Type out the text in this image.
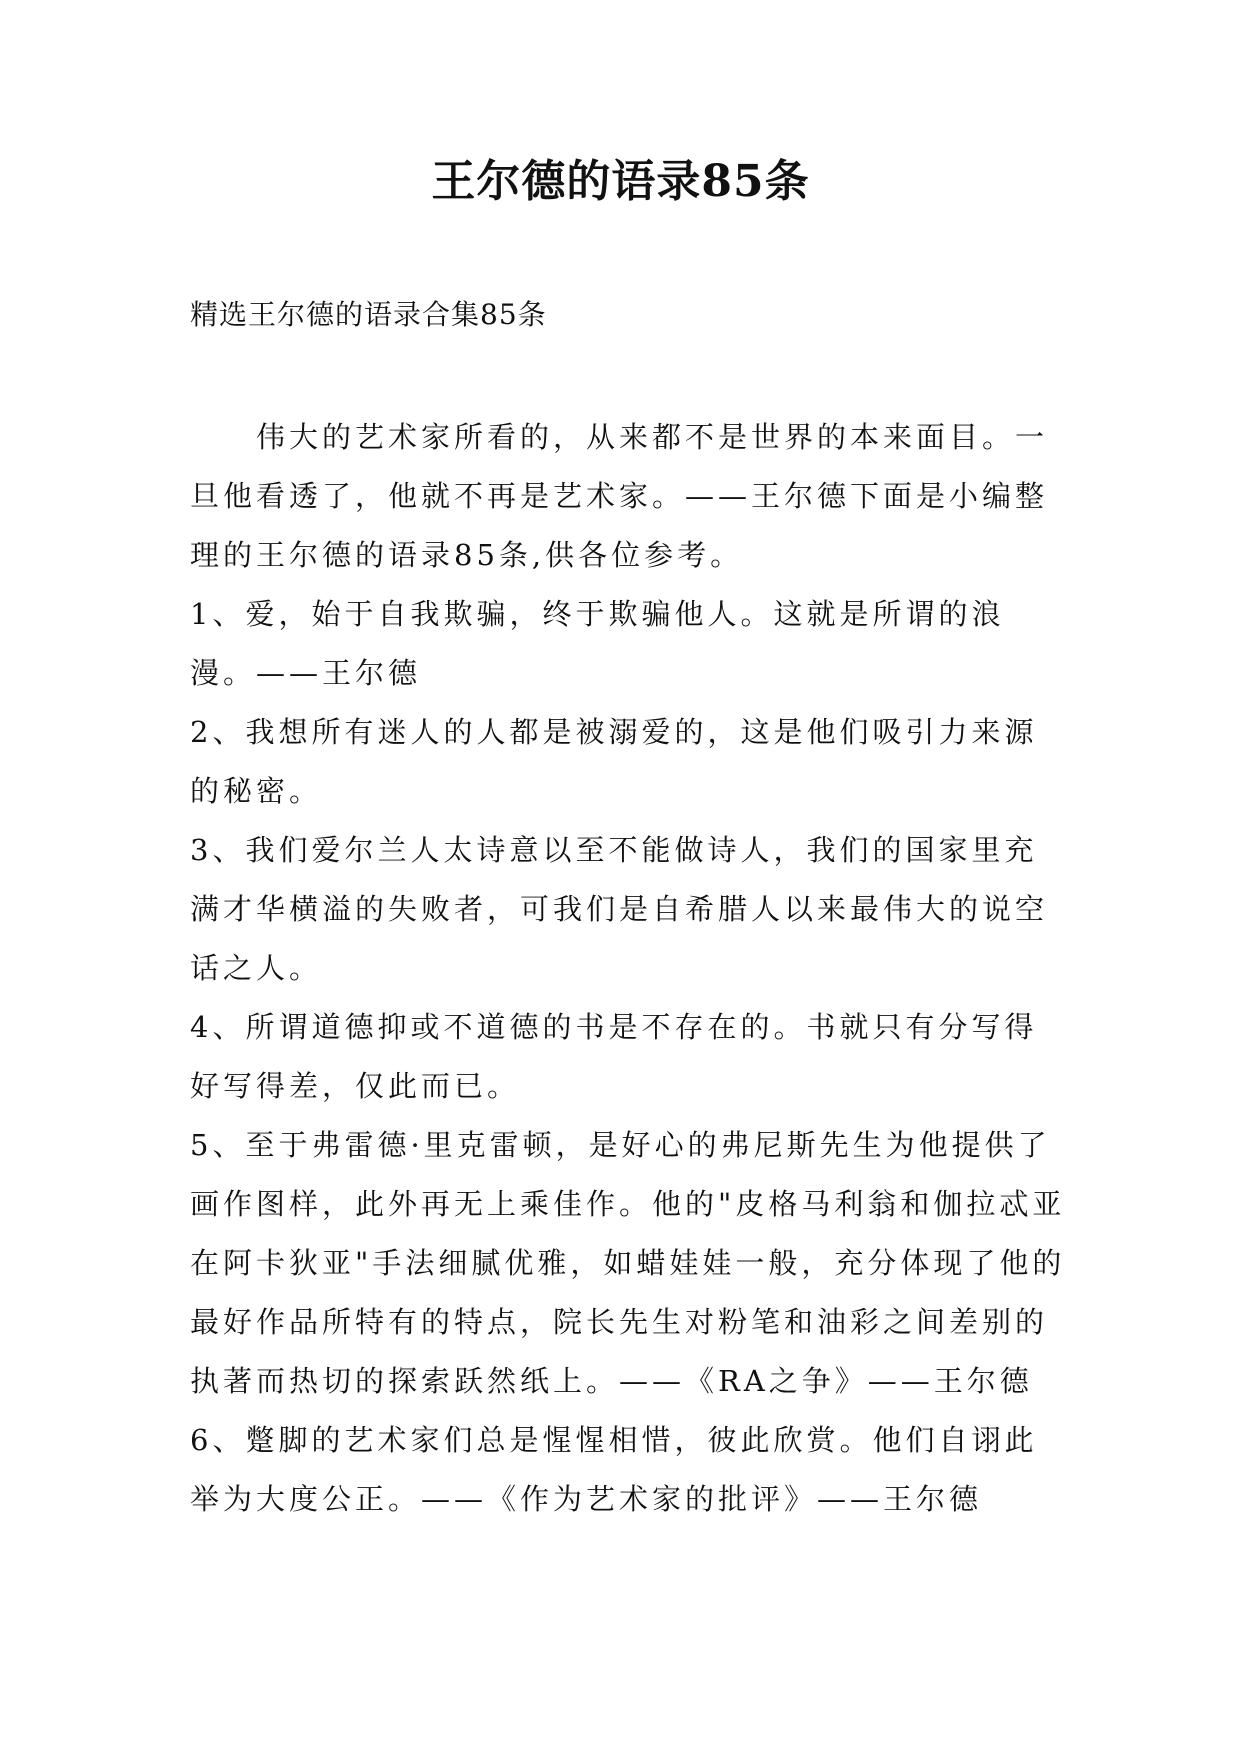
王尔德的语录85条

精选王尔德的语录合集85条

伟大的艺术家所看的，从来都不是世界的本来面目。一旦他看透了，他就不再是艺术家。——王尔德下面是小编整理的王尔德的语录85条,供各位参考。

1、爱，始于自我欺骗，终于欺骗他人。这就是所谓的浪漫。——王尔德

2、我想所有迷人的人都是被溺爱的，这是他们吸引力来源的秘密。

3、我们爱尔兰人太诗意以至不能做诗人，我们的国家里充满才华横溢的失败者，可我们是自希腊人以来最伟大的说空话之人。

4、所谓道德抑或不道德的书是不存在的。书就只有分写得好写得差，仅此而已。

5、至于弗雷德·里克雷顿，是好心的弗尼斯先生为他提供了画作图样，此外再无上乘佳作。他的"皮格马利翁和伽拉忒亚在阿卡狄亚"手法细腻优雅，如蜡娃娃一般，充分体现了他的最好作品所特有的特点，院长先生对粉笔和油彩之间差别的执著而热切的探索跃然纸上。——《RA之争》——王尔德

6、蹩脚的艺术家们总是惺惺相惜，彼此欣赏。他们自诩此举为大度公正。——《作为艺术家的批评》——王尔德
